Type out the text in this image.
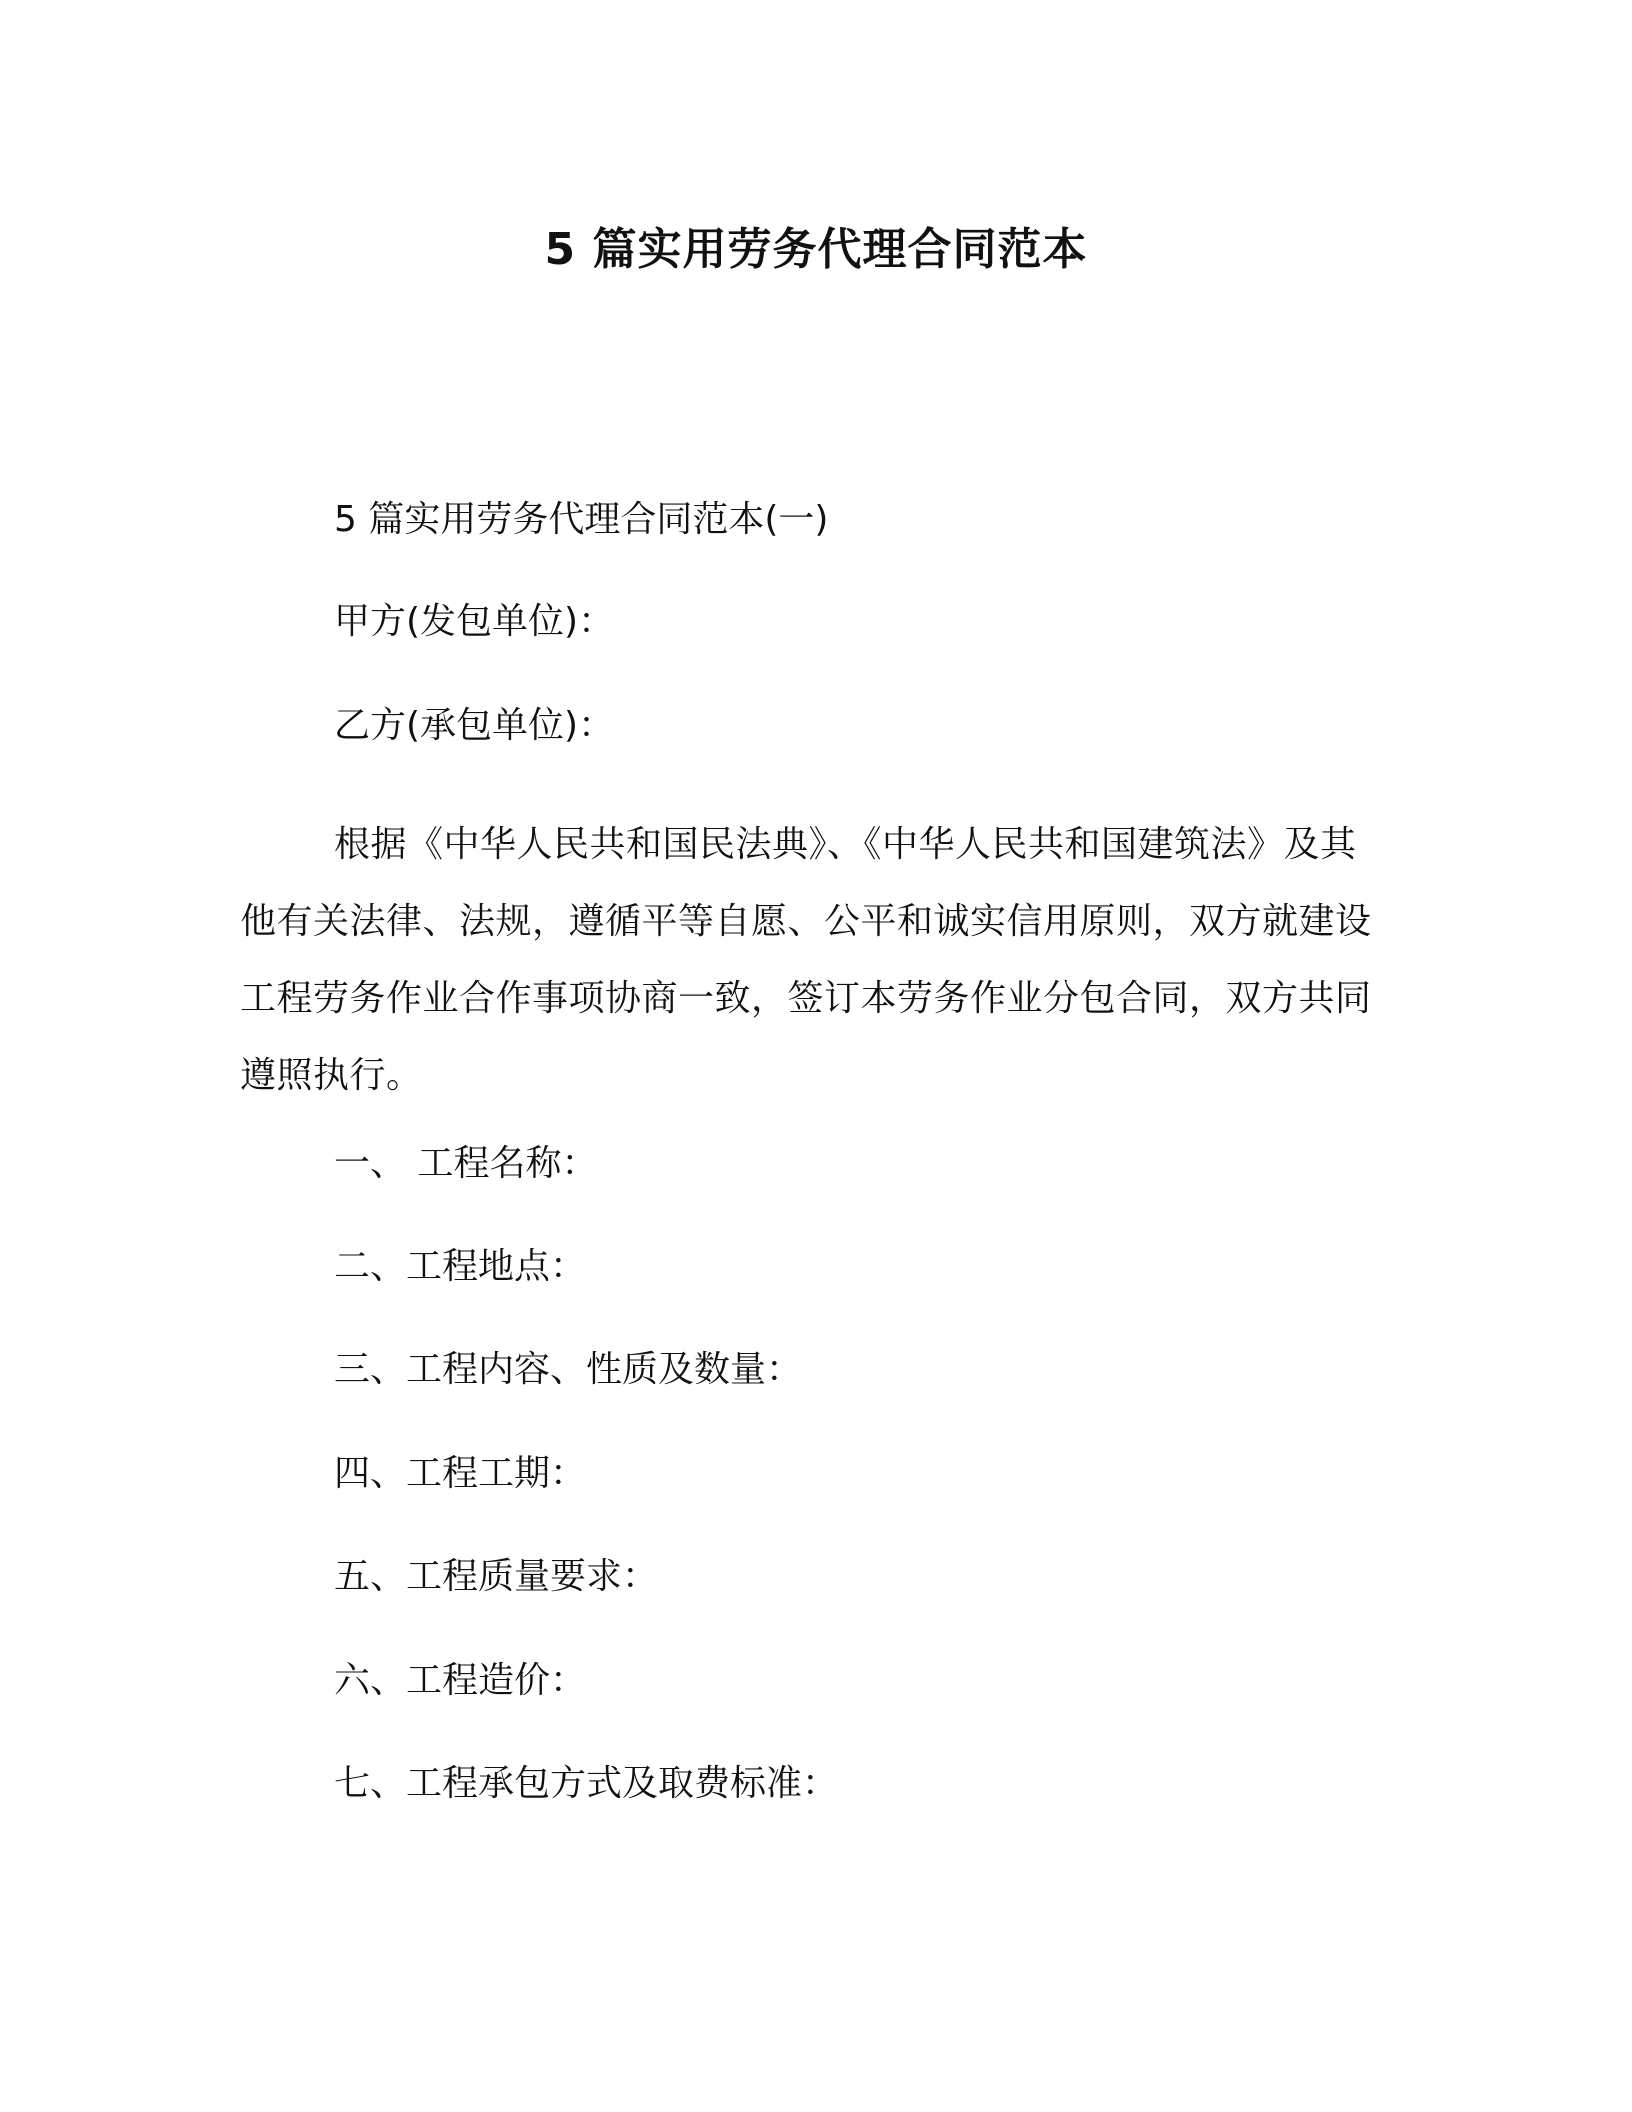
5 篇实用劳务代理合同范本
5 篇实用劳务代理合同范本(一)
甲方(发包单位)：
乙方(承包单位)：
根据《中华人民共和国民法典》、《中华人民共和国建筑法》及其他有关法律、法规，遵循平等自愿、公平和诚实信用原则，双方就建设工程劳务作业合作事项协商一致，签订本劳务作业分包合同，双方共同遵照执行。
一、 工程名称：
二、工程地点：
三、工程内容、性质及数量：
四、工程工期：
五、工程质量要求：
六、工程造价：
七、工程承包方式及取费标准：
